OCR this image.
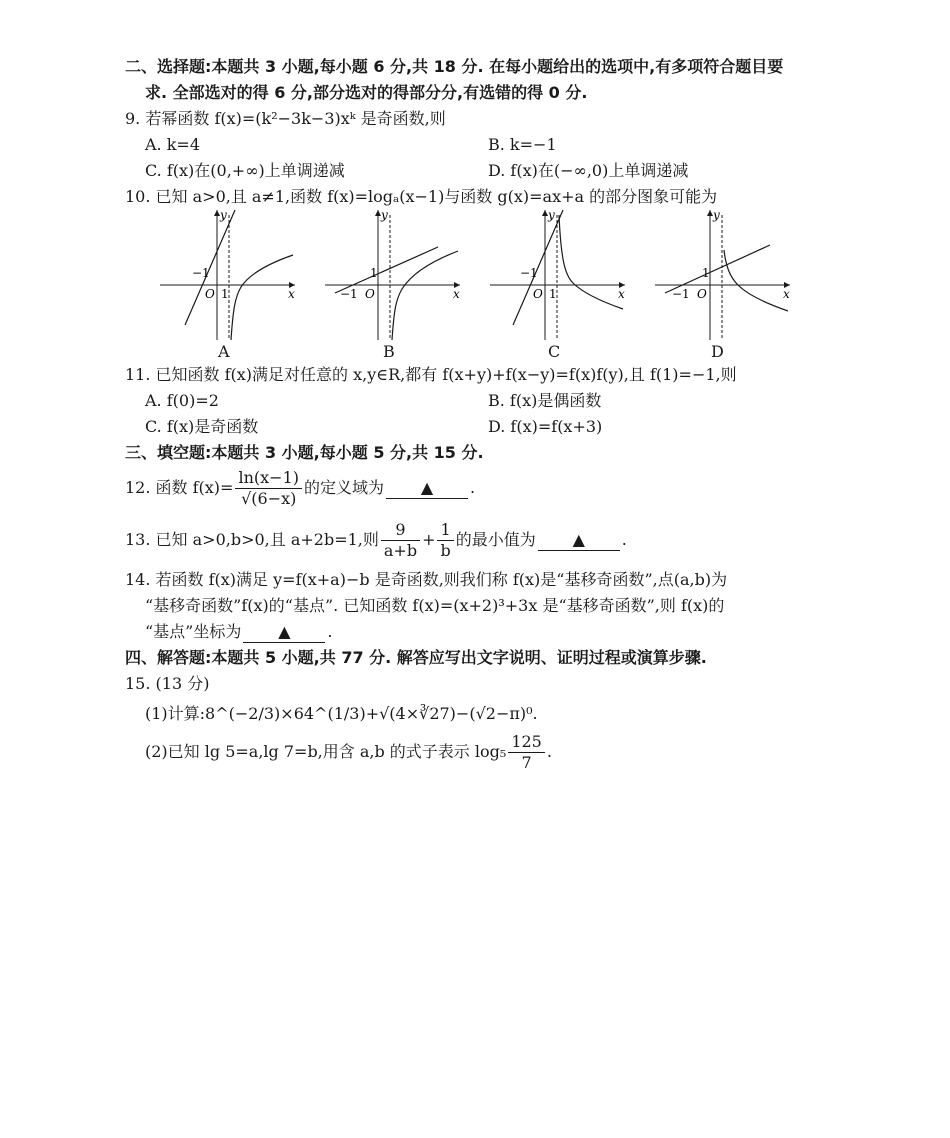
二、选择题:本题共 3 小题,每小题 6 分,共 18 分. 在每小题给出的选项中,有多项符合题目要
求. 全部选对的得 6 分,部分选对的得部分分,有选错的得 0 分.
9. 若幂函数 f(x)=(k²−3k−3)xᵏ 是奇函数,则
A. k=4	B. k=−1
C. f(x)在(0,+∞)上单调递减	D. f(x)在(−∞,0)上单调递减
10. 已知 a>0,且 a≠1,函数 f(x)=logₐ(x−1)与函数 g(x)=ax+a 的部分图象可能为
−1
1
O	x
y
A
−1
1
O	x
y
B
−1
1
O	x
y
C
−1
1
O	x
y
D
11. 已知函数 f(x)满足对任意的 x,y∈R,都有 f(x+y)+f(x−y)=f(x)f(y),且 f(1)=−1,则
A. f(0)=2	B. f(x)是偶函数
C. f(x)是奇函数	D. f(x)=f(x+3)
三、填空题:本题共 3 小题,每小题 5 分,共 15 分.
12. 函数 $f(x)= \frac{\ln(x-1)}{√(6-x)}$ 的定义域为 ▲ .
13. 已知 a>0,b>0,且 a+2b=1,则 $\frac{9}{a+b} + \frac{1}{b}$ 的最小值为 ▲ .
14. 若函数 f(x)满足 y=f(x+a)−b 是奇函数,则我们称 f(x)是“基移奇函数”,点(a,b)为
“基移奇函数”f(x)的“基点”. 已知函数 f(x)=(x+2)³+3x 是“基移奇函数”,则 f(x)的
“基点”坐标为 ▲ .
四、解答题:本题共 5 小题,共 77 分. 解答应写出文字说明、证明过程或演算步骤.
15. (13 分)
(1)计算:8^(−2/3)×64^(1/3)+√(4×∛27)−(√2−π)⁰.
(2)已知 lg 5=a,lg 7=b,用含 a,b 的式子表示 $\log_5 \frac{125}{7}$ .
